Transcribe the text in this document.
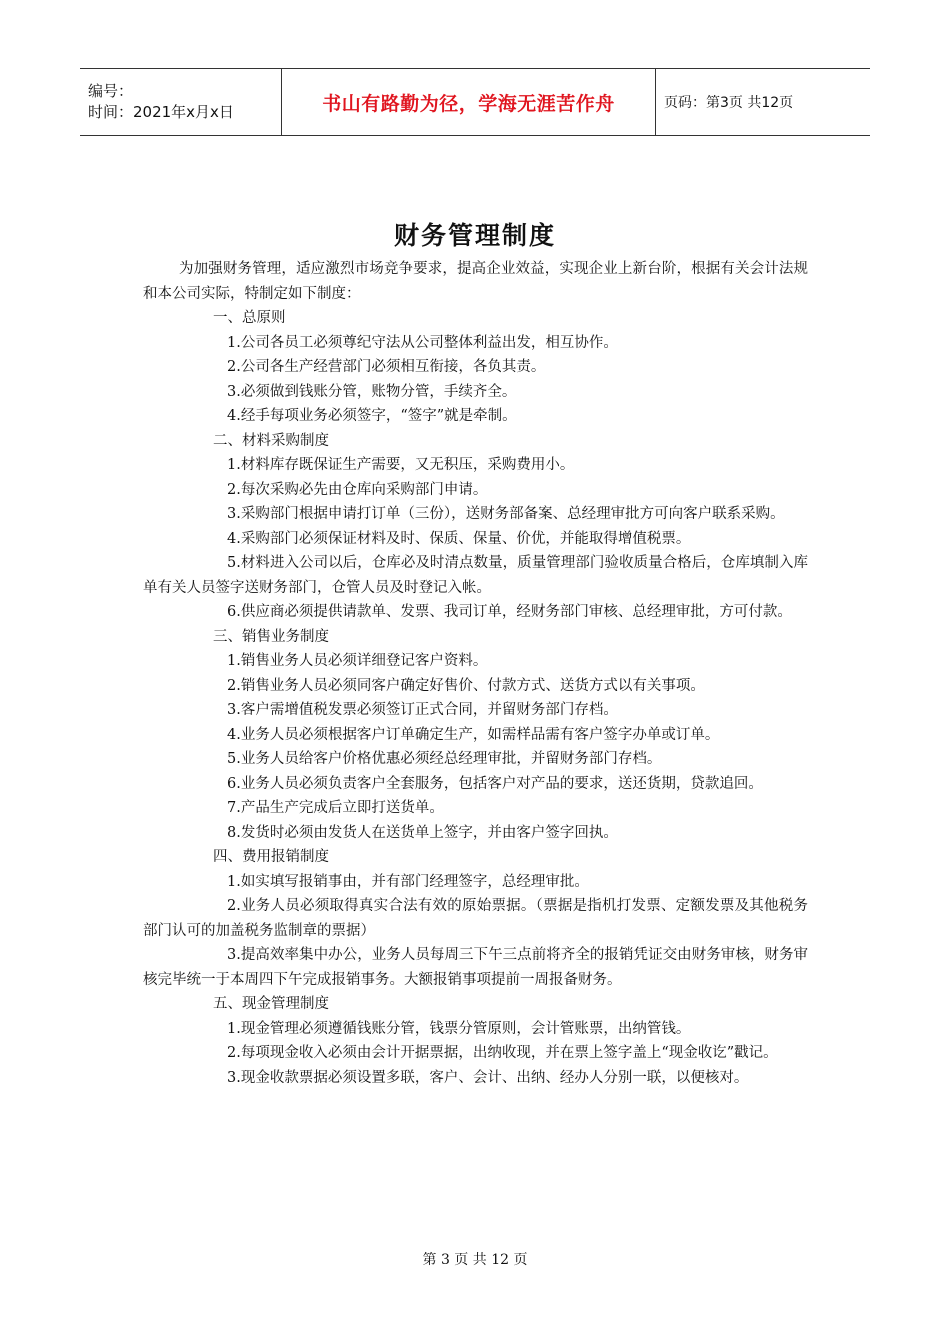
编号：
时间：2021年x月x日	书山有路勤为径，学海无涯苦作舟	页码：第3页 共12页
财务管理制度

为加强财务管理，适应激烈市场竞争要求，提高企业效益，实现企业上新台阶，根据有关会计法规和本公司实际，特制定如下制度：

一、总原则

1.公司各员工必须尊纪守法从公司整体利益出发，相互协作。

2.公司各生产经营部门必须相互衔接，各负其责。

3.必须做到钱账分管，账物分管，手续齐全。

4.经手每项业务必须签字，“签字”就是牵制。

二、材料采购制度

1.材料库存既保证生产需要，又无积压，采购费用小。

2.每次采购必先由仓库向采购部门申请。

3.采购部门根据申请打订单（三份），送财务部备案、总经理审批方可向客户联系采购。

4.采购部门必须保证材料及时、保质、保量、价优，并能取得增值税票。

5.材料进入公司以后，仓库必及时清点数量，质量管理部门验收质量合格后，仓库填制入库单有关人员签字送财务部门，仓管人员及时登记入帐。

6.供应商必须提供请款单、发票、我司订单，经财务部门审核、总经理审批，方可付款。

三、销售业务制度

1.销售业务人员必须详细登记客户资料。

2.销售业务人员必须同客户确定好售价、付款方式、送货方式以有关事项。

3.客户需增值税发票必须签订正式合同，并留财务部门存档。

4.业务人员必须根据客户订单确定生产，如需样品需有客户签字办单或订单。

5.业务人员给客户价格优惠必须经总经理审批，并留财务部门存档。

6.业务人员必须负责客户全套服务，包括客户对产品的要求，送还货期，贷款追回。

7.产品生产完成后立即打送货单。

8.发货时必须由发货人在送货单上签字，并由客户签字回执。

四、费用报销制度

1.如实填写报销事由，并有部门经理签字，总经理审批。

2.业务人员必须取得真实合法有效的原始票据。（票据是指机打发票、定额发票及其他税务部门认可的加盖税务监制章的票据）

3.提高效率集中办公，业务人员每周三下午三点前将齐全的报销凭证交由财务审核，财务审核完毕统一于本周四下午完成报销事务。大额报销事项提前一周报备财务。

五、现金管理制度

1.现金管理必须遵循钱账分管，钱票分管原则，会计管账票，出纳管钱。

2.每项现金收入必须由会计开据票据，出纳收现，并在票上签字盖上“现金收讫”戳记。

3.现金收款票据必须设置多联，客户、会计、出纳、经办人分别一联，以便核对。

第 3 页 共 12 页
